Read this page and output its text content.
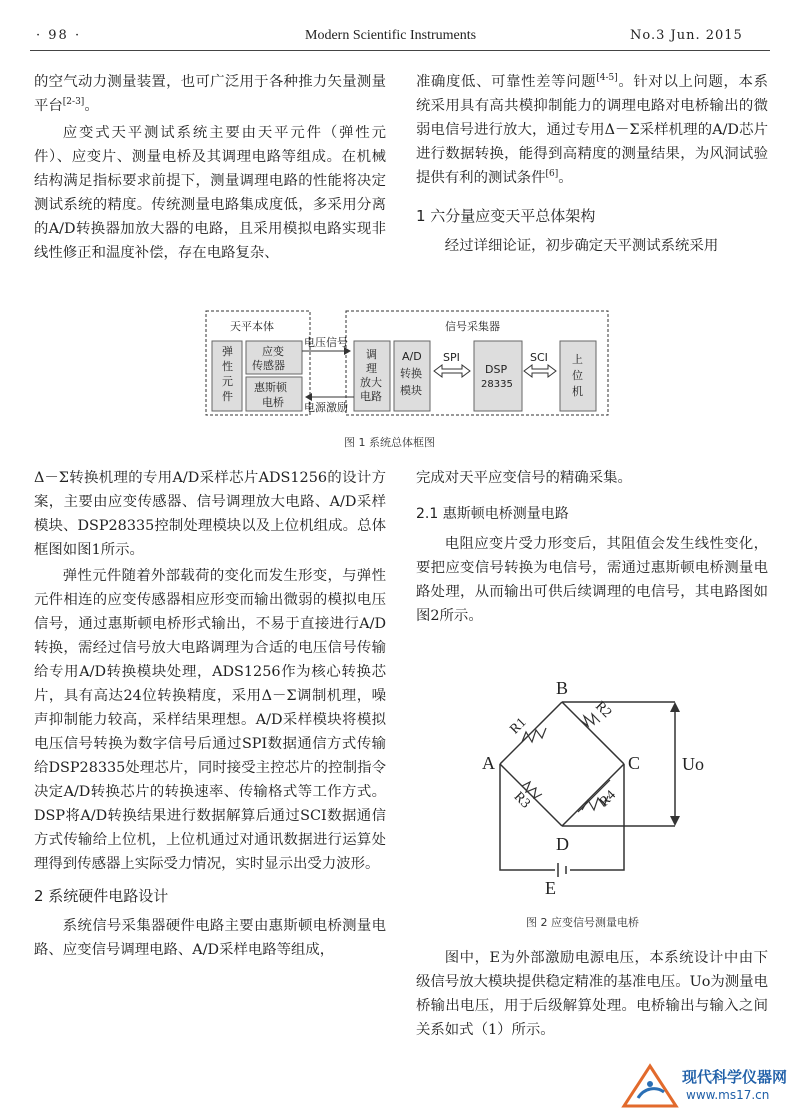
· 98 ·	Modern Scientific Instruments	No.3 Jun. 2015

的空气动力测量装置，也可广泛用于各种推力矢量测量平台[2-3]。

应变式天平测试系统主要由天平元件（弹性元件）、应变片、测量电桥及其调理电路等组成。在机械结构满足指标要求前提下，测量调理电路的性能将决定测试系统的精度。传统测量电路集成度低，多采用分离的A/D转换器加放大器的电路，且采用模拟电路实现非线性修正和温度补偿，存在电路复杂、

准确度低、可靠性差等问题[4-5]。针对以上问题，本系统采用具有高共模抑制能力的调理电路对电桥输出的微弱电信号进行放大，通过专用Δ－Σ采样机理的A/D芯片进行数据转换，能得到高精度的测量结果，为风洞试验提供有利的测试条件[6]。

1 六分量应变天平总体架构

经过详细论证，初步确定天平测试系统采用

天平本体	信号采集器
弹
性
元
件
应变
传感器
惠斯顿
电桥
调
理
放大
电路
A/D
转换
模块
DSP
28335
上
位
机
电压信号
电源激励
SPI	SCI
图 1 系统总体框图

Δ－Σ转换机理的专用A/D采样芯片ADS1256的设计方案，主要由应变传感器、信号调理放大电路、A/D采样模块、DSP28335控制处理模块以及上位机组成。总体框图如图1所示。

弹性元件随着外部载荷的变化而发生形变，与弹性元件相连的应变传感器相应形变而输出微弱的模拟电压信号，通过惠斯顿电桥形式输出，不易于直接进行A/D转换，需经过信号放大电路调理为合适的电压信号传输给专用A/D转换模块处理，ADS1256作为核心转换芯片，具有高达24位转换精度，采用Δ－Σ调制机理，噪声抑制能力较高，采样结果理想。A/D采样模块将模拟电压信号转换为数字信号后通过SPI数据通信方式传输给DSP28335处理芯片，同时接受主控芯片的控制指令决定A/D转换芯片的转换速率、传输格式等工作方式。DSP将A/D转换结果进行数据解算后通过SCI数据通信方式传输给上位机，上位机通过对通讯数据进行运算处理得到传感器上实际受力情况，实时显示出受力波形。

2 系统硬件电路设计

系统信号采集器硬件电路主要由惠斯顿电桥测量电路、应变信号调理电路、A/D采样电路等组成，

完成对天平应变信号的精确采集。

2.1 惠斯顿电桥测量电路

电阻应变片受力形变后，其阻值会发生线性变化，要把应变信号转换为电信号，需通过惠斯顿电桥测量电路处理，从而输出可供后续调理的电信号，其电路图如图2所示。

A
B
C
D
Uo
E
R1
R2
R3	R4
图 2 应变信号测量电桥

图中，E为外部激励电源电压，本系统设计中由下级信号放大模块提供稳定精准的基准电压。Uo为测量电桥输出电压，用于后级解算处理。电桥输出与输入之间关系如式（1）所示。

现代科学仪器网
www.ms17.cn
